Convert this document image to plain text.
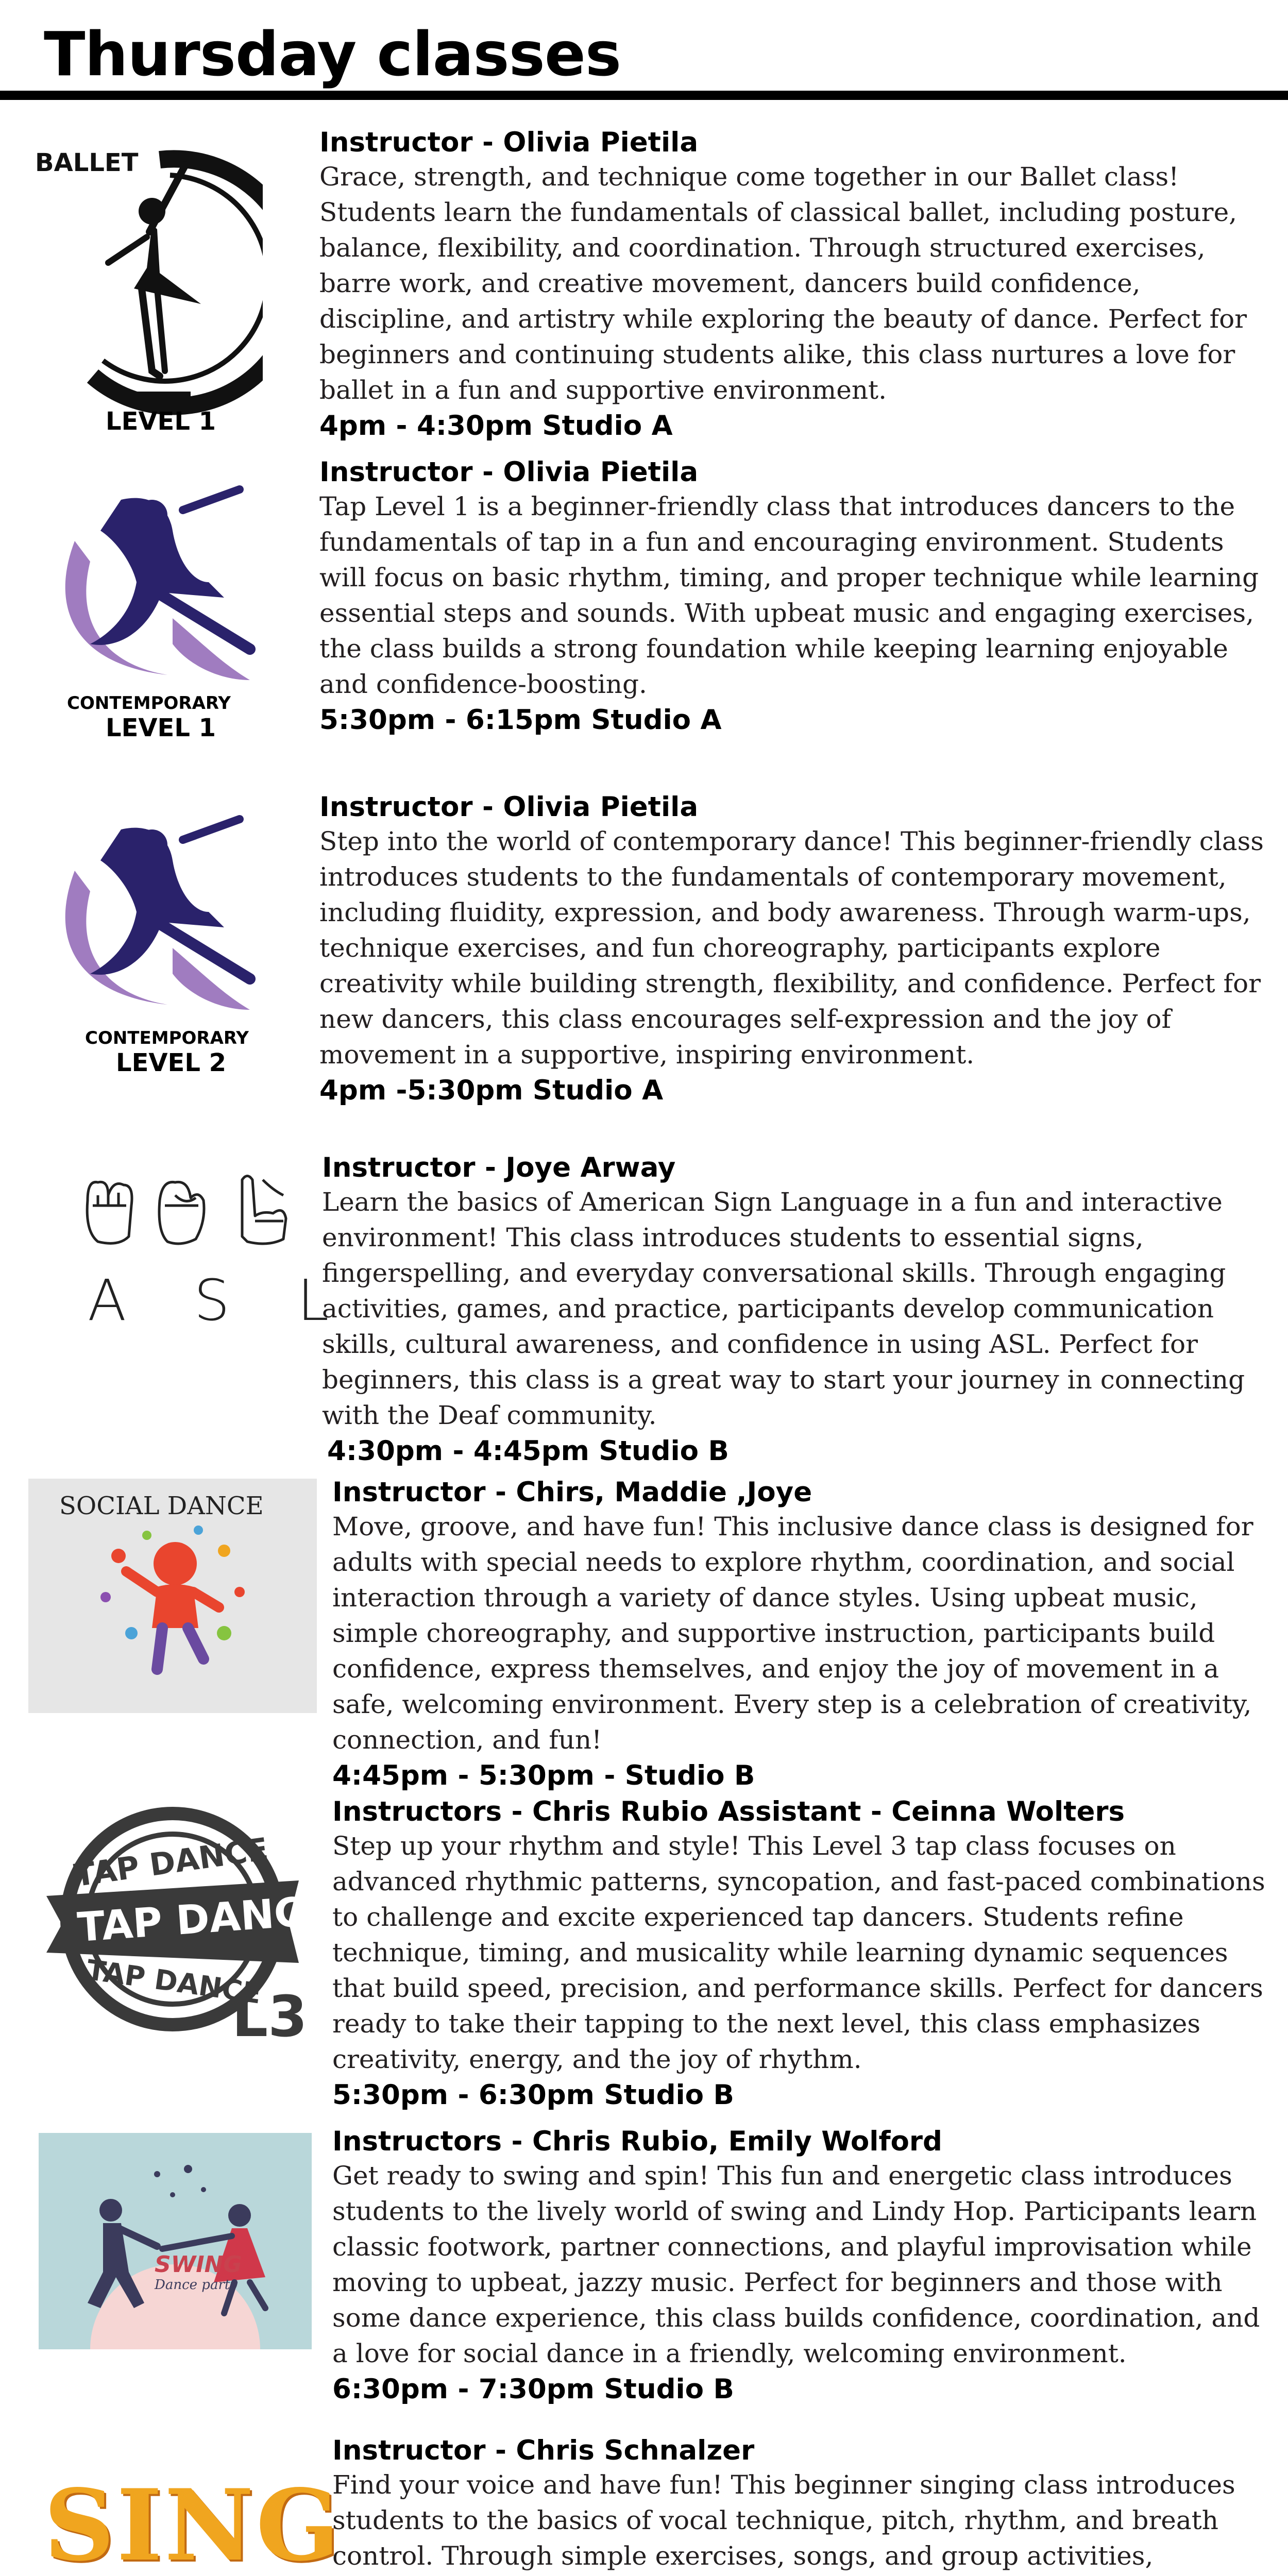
Thursday classes
BALLET
LEVEL 1

Instructor - Olivia Pietila

Grace, strength, and technique come together in our Ballet class! Students learn the fundamentals of classical ballet, including posture, balance, flexibility, and coordination. Through structured exercises, barre work, and creative movement, dancers build confidence, discipline, and artistry while exploring the beauty of dance. Perfect for beginners and continuing students alike, this class nurtures a love for ballet in a fun and supportive environment.

4pm - 4:30pm Studio A

CONTEMPORARY
LEVEL 1

Instructor - Olivia Pietila

Tap Level 1 is a beginner-friendly class that introduces dancers to the fundamentals of tap in a fun and encouraging environment. Students will focus on basic rhythm, timing, and proper technique while learning essential steps and sounds. With upbeat music and engaging exercises, the class builds a strong foundation while keeping learning enjoyable and confidence-boosting.

5:30pm - 6:15pm Studio A

CONTEMPORARY
LEVEL 2

Instructor - Olivia Pietila

Step into the world of contemporary dance! This beginner-friendly class introduces students to the fundamentals of contemporary movement, including fluidity, expression, and body awareness. Through warm-ups, technique exercises, and fun choreography, participants explore creativity while building strength, flexibility, and confidence. Perfect for new dancers, this class encourages self-expression and the joy of movement in a supportive, inspiring environment.

4pm -5:30pm Studio A

A S L

Instructor - Joye Arway

Learn the basics of American Sign Language in a fun and interactive environment! This class introduces students to essential signs, fingerspelling, and everyday conversational skills. Through engaging activities, games, and practice, participants develop communication skills, cultural awareness, and confidence in using ASL. Perfect for beginners, this class is a great way to start your journey in connecting with the Deaf community.

4:30pm - 4:45pm Studio B

SOCIAL DANCE	Instructor - Chirs, Maddie ,Joye

Move, groove, and have fun! This inclusive dance class is designed for adults with special needs to explore rhythm, coordination, and social interaction through a variety of dance styles. Using upbeat music, simple choreography, and supportive instruction, participants build confidence, express themselves, and enjoy the joy of movement in a safe, welcoming environment. Every step is a celebration of creativity, connection, and fun!

4:45pm - 5:30pm - Studio B

TAP DANCE
TAP DANCE
TAP DANCE
L3

Instructors - Chris Rubio Assistant - Ceinna Wolters

Step up your rhythm and style! This Level 3 tap class focuses on advanced rhythmic patterns, syncopation, and fast-paced combinations to challenge and excite experienced tap dancers. Students refine technique, timing, and musicality while learning dynamic sequences that build speed, precision, and performance skills. Perfect for dancers ready to take their tapping to the next level, this class emphasizes creativity, energy, and the joy of rhythm.

5:30pm - 6:30pm Studio B

SWING
Dance party

Instructors - Chris Rubio, Emily Wolford

Get ready to swing and spin! This fun and energetic class introduces students to the lively world of swing and Lindy Hop. Participants learn classic footwork, partner connections, and playful improvisation while moving to upbeat, jazzy music. Perfect for beginners and those with some dance experience, this class builds confidence, coordination, and a love for social dance in a friendly, welcoming environment.

6:30pm - 7:30pm Studio B

SING

Instructor - Chris Schnalzer

Find your voice and have fun! This beginner singing class introduces students to the basics of vocal technique, pitch, rhythm, and breath control. Through simple exercises, songs, and group activities,
